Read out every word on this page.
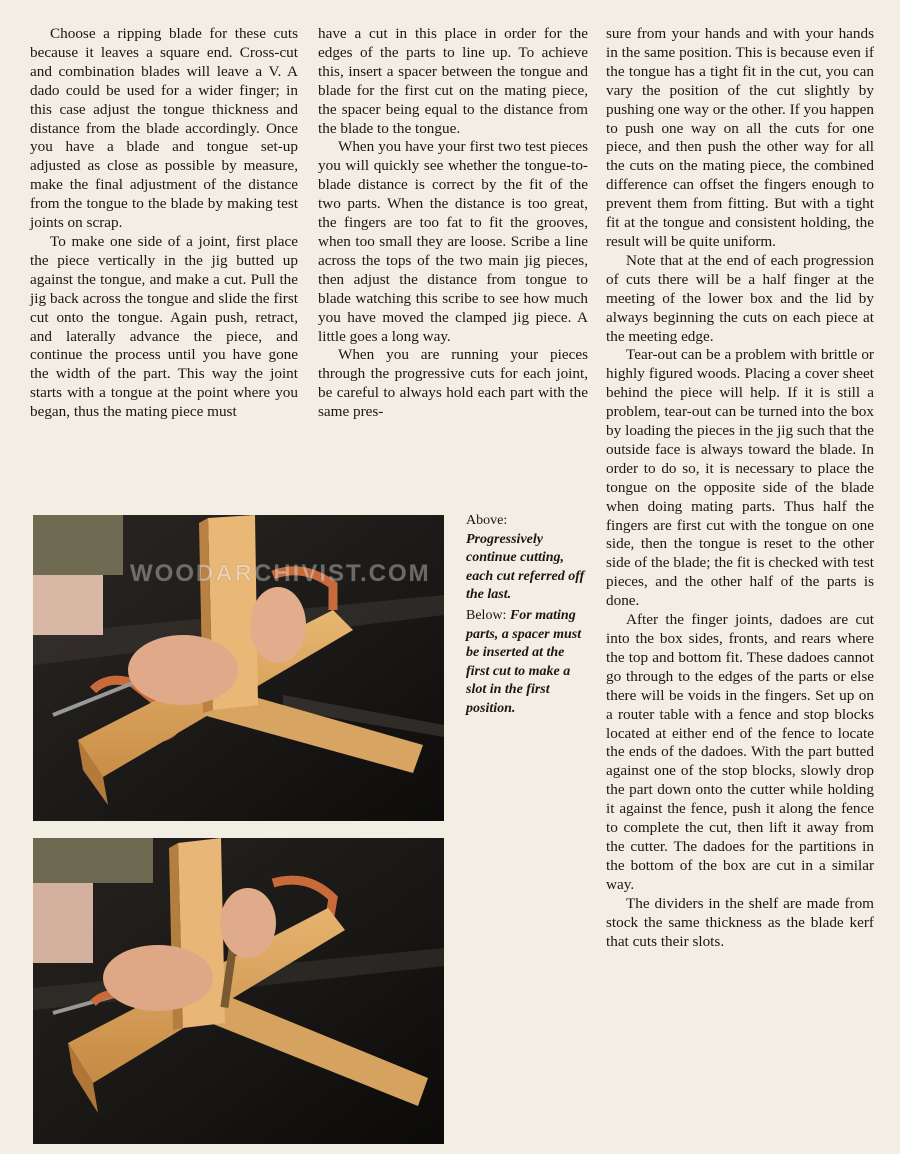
Choose a ripping blade for these cuts because it leaves a square end. Cross-cut and combination blades will leave a V. A dado could be used for a wider finger; in this case adjust the tongue thickness and distance from the blade accordingly. Once you have a blade and tongue set-up adjusted as close as possible by measure, make the final adjustment of the distance from the tongue to the blade by making test joints on scrap.

To make one side of a joint, first place the piece vertically in the jig butted up against the tongue, and make a cut. Pull the jig back across the tongue and slide the first cut onto the tongue. Again push, retract, and laterally advance the piece, and continue the process until you have gone the width of the part. This way the joint starts with a tongue at the point where you began, thus the mating piece must

have a cut in this place in order for the edges of the parts to line up. To achieve this, insert a spacer between the tongue and blade for the first cut on the mating piece, the spacer being equal to the distance from the blade to the tongue.

When you have your first two test pieces you will quickly see whether the tongue-to-blade distance is correct by the fit of the two parts. When the distance is too great, the fingers are too fat to fit the grooves, when too small they are loose. Scribe a line across the tops of the two main jig pieces, then adjust the distance from tongue to blade watching this scribe to see how much you have moved the clamped jig piece. A little goes a long way.

When you are running your pieces through the progressive cuts for each joint, be careful to always hold each part with the same pres-

sure from your hands and with your hands in the same position. This is because even if the tongue has a tight fit in the cut, you can vary the position of the cut slightly by pushing one way or the other. If you happen to push one way on all the cuts for one piece, and then push the other way for all the cuts on the mating piece, the combined difference can offset the fingers enough to prevent them from fitting. But with a tight fit at the tongue and consistent holding, the result will be quite uniform.

Note that at the end of each progression of cuts there will be a half finger at the meeting of the lower box and the lid by always beginning the cuts on each piece at the meeting edge.

Tear-out can be a problem with brittle or highly figured woods. Placing a cover sheet behind the piece will help. If it is still a problem, tear-out can be turned into the box by loading the pieces in the jig such that the outside face is always toward the blade. In order to do so, it is necessary to place the tongue on the opposite side of the blade when doing mating parts. Thus half the fingers are first cut with the tongue on one side, then the tongue is reset to the other side of the blade; the fit is checked with test pieces, and the other half of the parts is done.

After the finger joints, dadoes are cut into the box sides, fronts, and rears where the top and bottom fit. These dadoes cannot go through to the edges of the parts or else there will be voids in the fingers. Set up on a router table with a fence and stop blocks located at either end of the fence to locate the ends of the dadoes. With the part butted against one of the stop blocks, slowly drop the part down onto the cutter while holding it against the fence, push it along the fence to complete the cut, then lift it away from the cutter. The dadoes for the partitions in the bottom of the box are cut in a similar way.

The dividers in the shelf are made from stock the same thickness as the blade kerf that cuts their slots.

Above:
Progressively continue cutting, each cut referred off the last.
Below: For mating parts, a spacer must be inserted at the first cut to make a slot in the first position.
WOODARCHIVIST.COM
